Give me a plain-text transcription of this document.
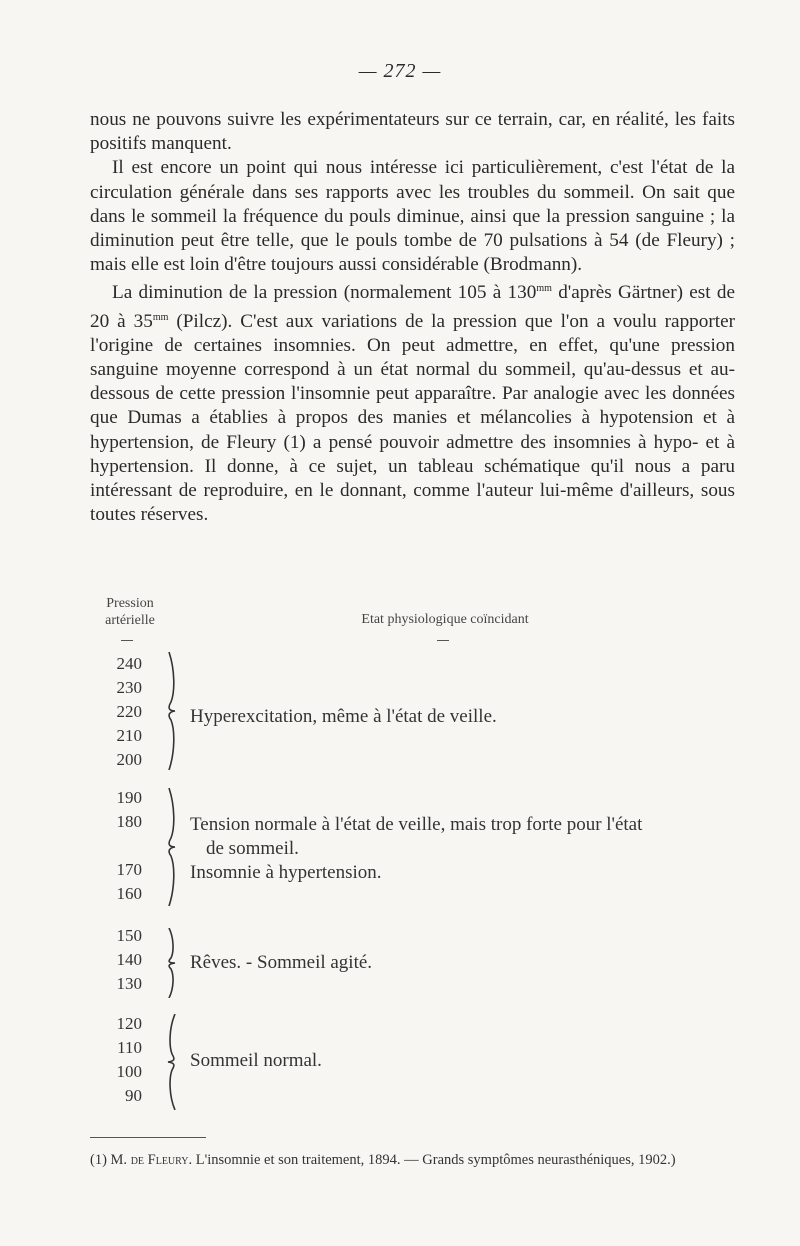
— 272 —

nous ne pouvons suivre les expérimentateurs sur ce terrain, car, en réalité, les faits positifs manquent.

Il est encore un point qui nous intéresse ici particulièrement, c'est l'état de la circulation générale dans ses rapports avec les troubles du sommeil. On sait que dans le sommeil la fréquence du pouls diminue, ainsi que la pression sanguine ; la diminution peut être telle, que le pouls tombe de 70 pulsations à 54 (de Fleury) ; mais elle est loin d'être toujours aussi considérable (Brodmann).

La diminution de la pression (normalement 105 à $130^{mm}$ d'après Gärtner) est de 20 à $35^{mm}$ (Pilcz). C'est aux variations de la pression que l'on a voulu rapporter l'origine de certaines insomnies. On peut admettre, en effet, qu'une pression sanguine moyenne correspond à un état normal du sommeil, qu'au-dessus et au-dessous de cette pression l'insomnie peut apparaître. Par analogie avec les données que Dumas a établies à propos des manies et mélancolies à hypotension et à hypertension, de Fleury (1) a pensé pouvoir admettre des insomnies à hypo- et à hypertension. Il donne, à ce sujet, un tableau schématique qu'il nous a paru intéressant de reproduire, en le donnant, comme l'auteur lui-même d'ailleurs, sous toutes réserves.

Pression
artérielle	Etat physiologique coïncidant
240
230
220
210
200
Hyperexcitation, même à l'état de veille.
190
180
170
160
Tension normale à l'état de veille, mais trop forte pour l'état
de sommeil.
Insomnie à hypertension.
150
140
130
Rêves. - Sommeil agité.
120
110
100
90
Sommeil normal.
(1) M. de Fleury. L'insomnie et son traitement, 1894. — Grands symptômes neurasthéniques, 1902.)
